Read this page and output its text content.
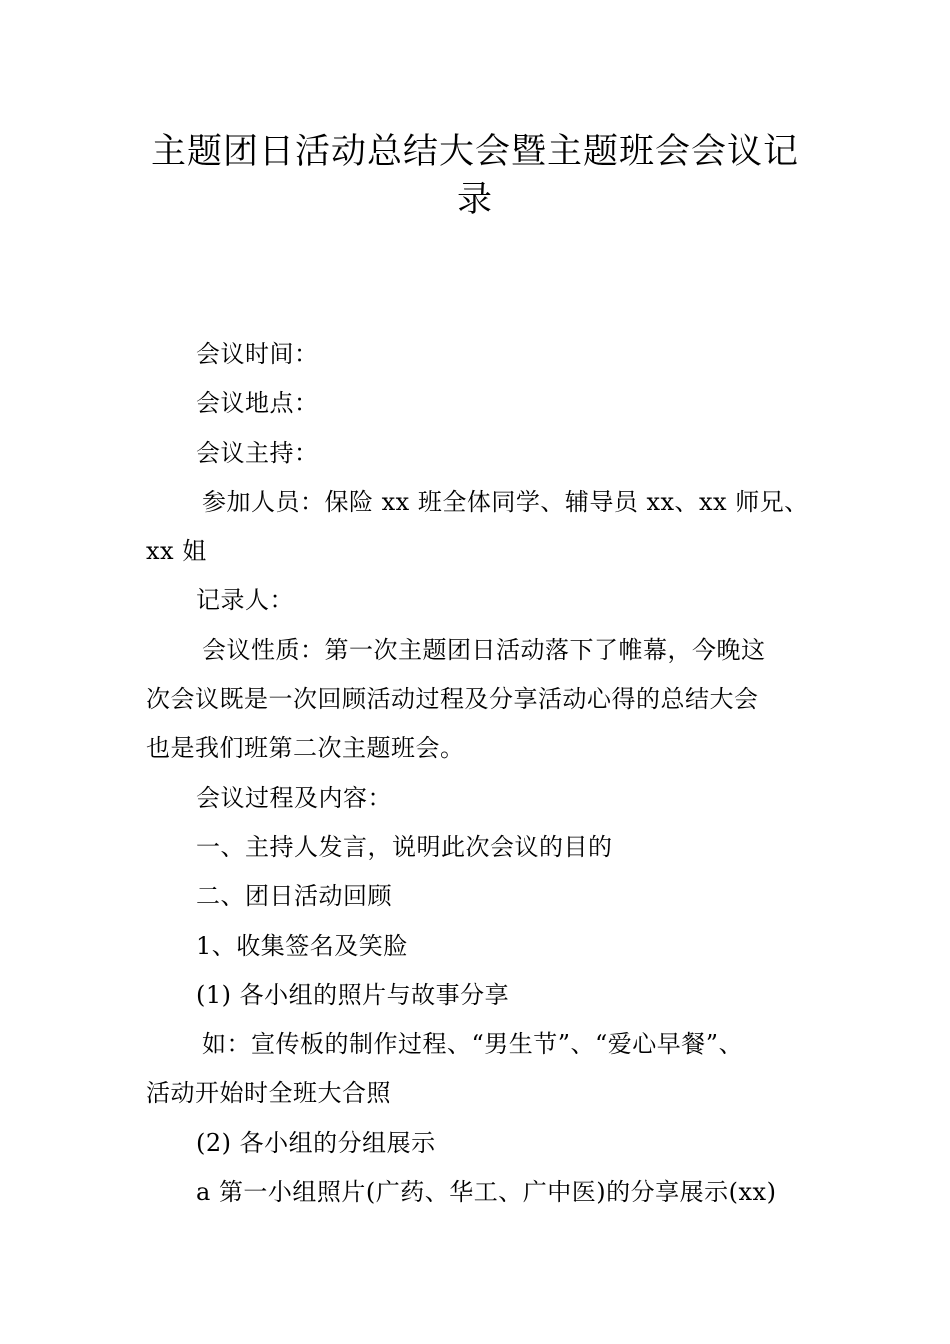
主题团日活动总结大会暨主题班会会议记
录
会议时间：
会议地点：
会议主持：
参加人员：保险 xx 班全体同学、辅导员 xx、xx 师兄、
xx 姐
记录人：
会议性质：第一次主题团日活动落下了帷幕，今晚这
次会议既是一次回顾活动过程及分享活动心得的总结大会
也是我们班第二次主题班会。
会议过程及内容：
一、主持人发言，说明此次会议的目的
二、团日活动回顾
1、收集签名及笑脸
(1) 各小组的照片与故事分享
如：宣传板的制作过程、“男生节”、“爱心早餐”、
活动开始时全班大合照
(2) 各小组的分组展示
a 第一小组照片(广药、华工、广中医)的分享展示(xx)
